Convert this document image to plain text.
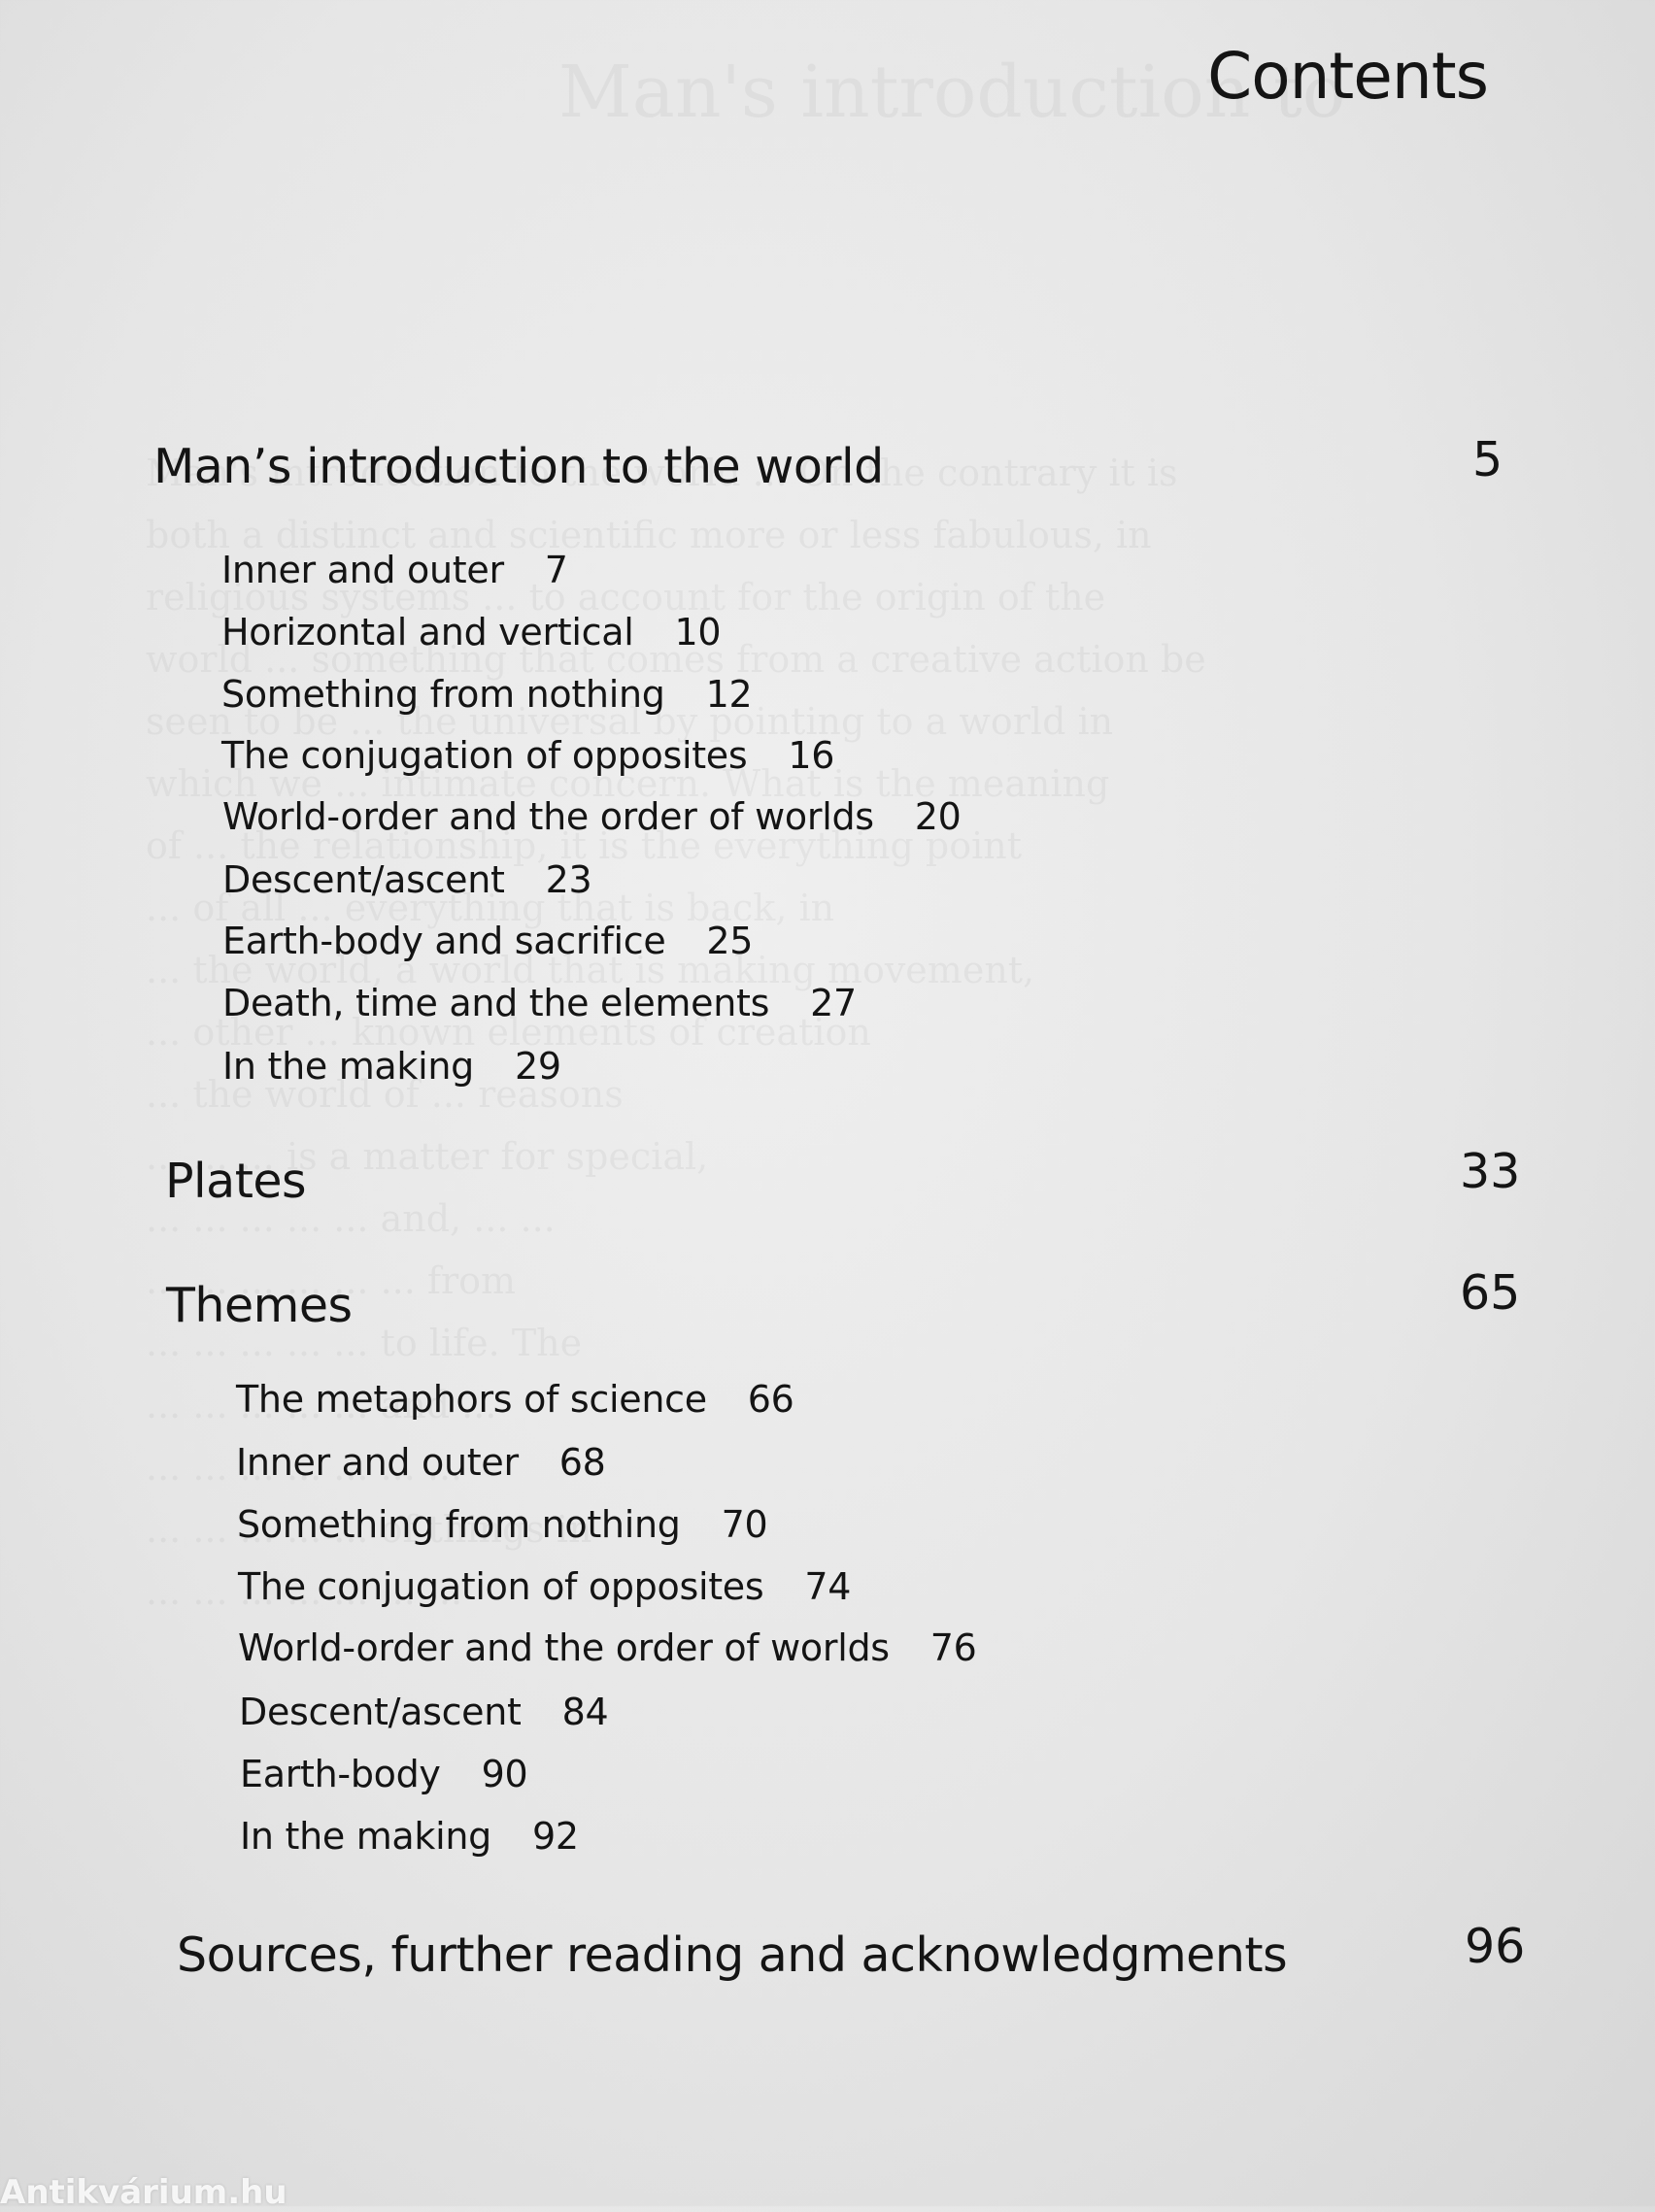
Contents
Man’s introduction to the world	5
Inner and outer 7
Horizontal and vertical 10
Something from nothing 12
The conjugation of opposites 16
World-order and the order of worlds 20
Descent/ascent 23
Earth-body and sacrifice 25
Death, time and the elements 27
In the making 29
Plates	33
Themes	65
The metaphors of science 66
Inner and outer 68
Something from nothing 70
The conjugation of opposites 74
World-order and the order of worlds 76
Descent/ascent 84
Earth-body 90
In the making 92
Sources, further reading and acknowledgments	96
Antikvárium.hu
